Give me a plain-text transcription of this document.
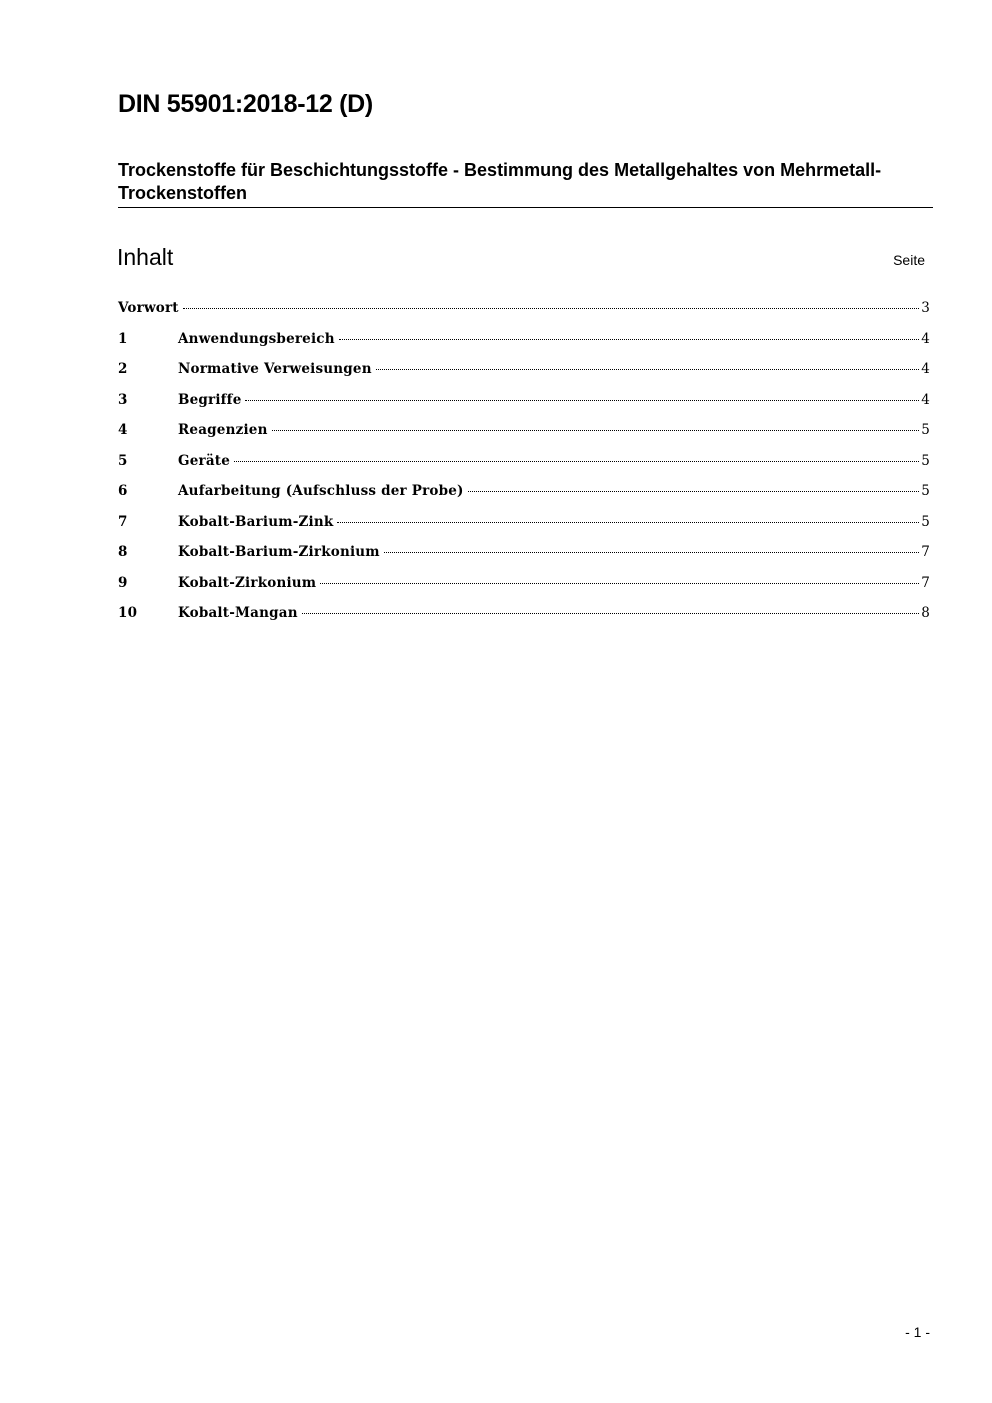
DIN 55901:2018-12 (D)
Trockenstoffe für Beschichtungsstoffe - Bestimmung des Metallgehaltes von Mehrmetall-Trockenstoffen
Inhalt	Seite
Vorwort	3
1	Anwendungsbereich	4
2	Normative Verweisungen	4
3	Begriffe	4
4	Reagenzien	5
5	Geräte	5
6	Aufarbeitung (Aufschluss der Probe)	5
7	Kobalt-Barium-Zink	5
8	Kobalt-Barium-Zirkonium	7
9	Kobalt-Zirkonium	7
10	Kobalt-Mangan	8
- 1 -
